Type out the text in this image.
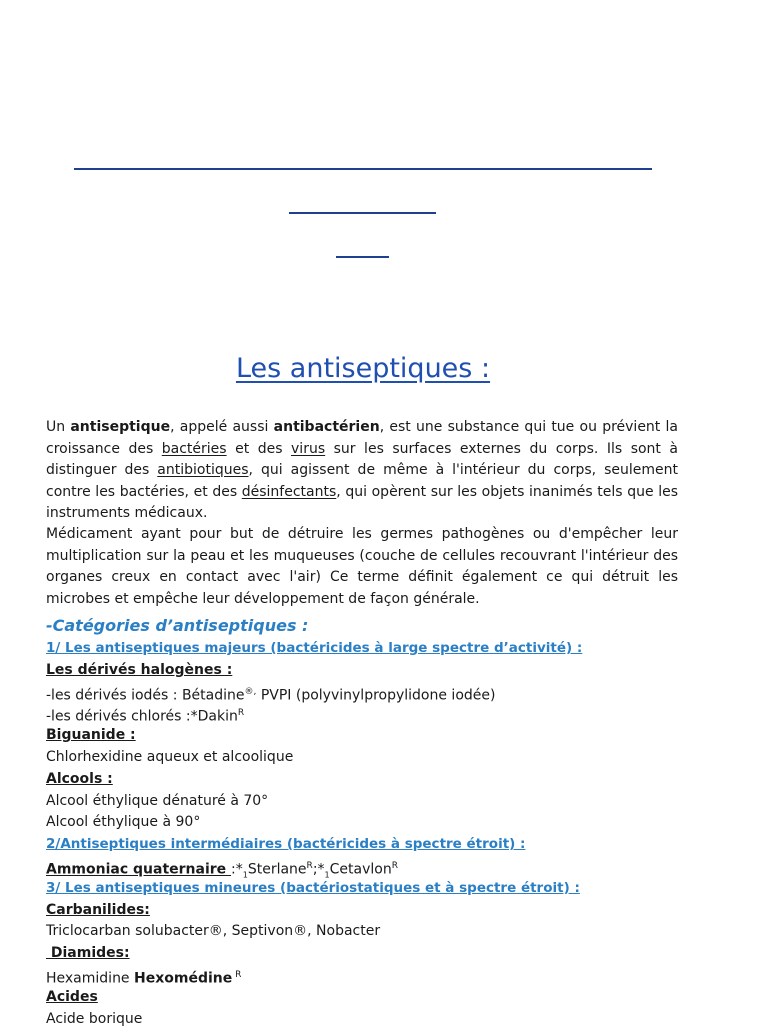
Les antiseptiques :
Un antiseptique, appelé aussi antibactérien, est une substance qui tue ou prévient la croissance des bactéries et des virus sur les surfaces externes du corps. Ils sont à distinguer des antibiotiques, qui agissent de même à l'intérieur du corps, seulement contre les bactéries, et des désinfectants, qui opèrent sur les objets inanimés tels que les instruments médicaux.
Médicament ayant pour but de détruire les germes pathogènes ou d'empêcher leur multiplication sur la peau et les muqueuses (couche de cellules recouvrant l'intérieur des organes creux en contact avec l'air) Ce terme définit également ce qui détruit les microbes et empêche leur développement de façon générale.
-Catégories d’antiseptiques :
1/ Les antiseptiques majeurs (bactéricides à large spectre d’activité) :
Les dérivés halogènes :
-les dérivés iodés : Bétadine®, PVPI (polyvinylpropylidone iodée)
-les dérivés chlorés :*Dakin$^R$
Biguanide :
Chlorhexidine aqueux et alcoolique
Alcools :
Alcool éthylique dénaturé à 70°
Alcool éthylique à 90°
2/Antiseptiques intermédiaires (bactéricides à spectre étroit) :
Ammoniac quaternaire $:*_1Sterlane^R;*_1Cetavlon^R$
3/ Les antiseptiques mineures (bactériostatiques et à spectre étroit) :
Carbanilides:
Triclocarban solubacter®, Septivon®, Nobacter
Diamides:
Hexamidine Hexomédine $^R$
Acides
Acide borique
